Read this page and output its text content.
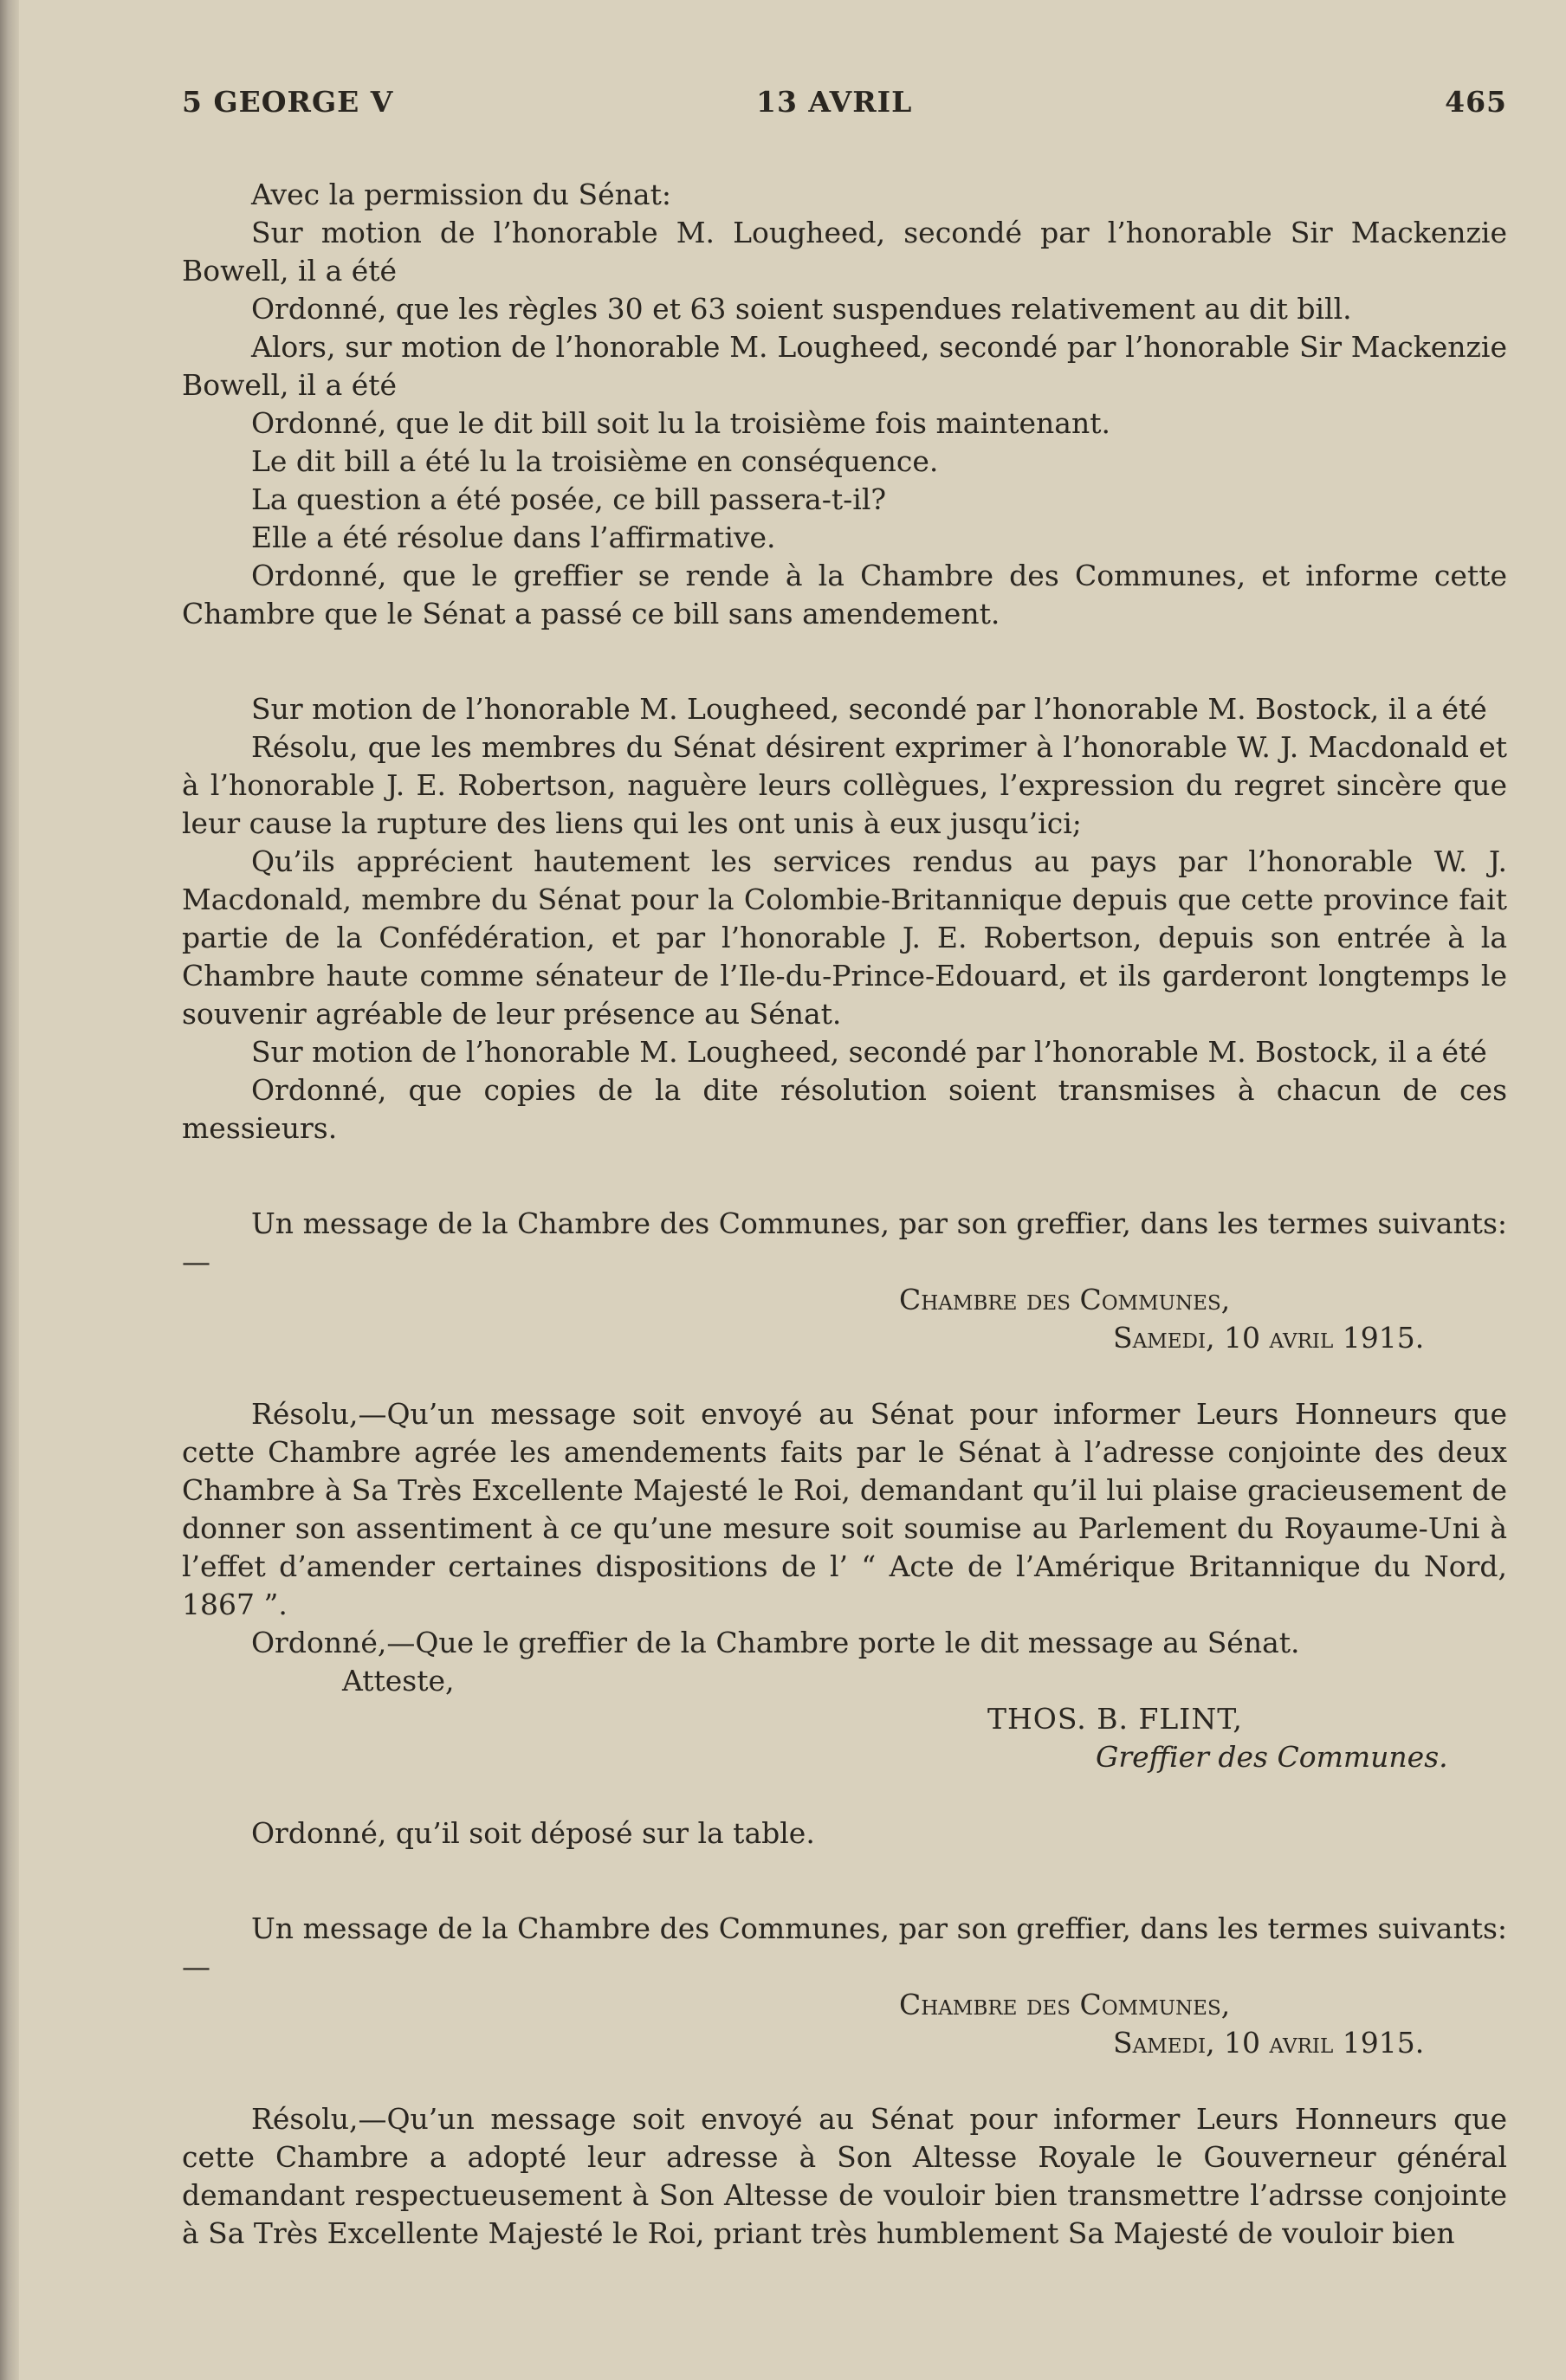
5 GEORGE V	13 AVRIL	465

Avec la permission du Sénat:

Sur motion de l’honorable M. Lougheed, secondé par l’honorable Sir Mackenzie Bowell, il a été

Ordonné, que les règles 30 et 63 soient suspendues relativement au dit bill.

Alors, sur motion de l’honorable M. Lougheed, secondé par l’honorable Sir Mackenzie Bowell, il a été

Ordonné, que le dit bill soit lu la troisième fois maintenant.

Le dit bill a été lu la troisième en conséquence.

La question a été posée, ce bill passera-t-il?

Elle a été résolue dans l’affirmative.

Ordonné, que le greffier se rende à la Chambre des Communes, et informe cette Chambre que le Sénat a passé ce bill sans amendement.

Sur motion de l’honorable M. Lougheed, secondé par l’honorable M. Bostock, il a été

Résolu, que les membres du Sénat désirent exprimer à l’honorable W. J. Macdonald et à l’honorable J. E. Robertson, naguère leurs collègues, l’expression du regret sincère que leur cause la rupture des liens qui les ont unis à eux jusqu’ici;

Qu’ils apprécient hautement les services rendus au pays par l’honorable W. J. Macdonald, membre du Sénat pour la Colombie-Britannique depuis que cette province fait partie de la Confédération, et par l’honorable J. E. Robertson, depuis son entrée à la Chambre haute comme sénateur de l’Ile-du-Prince-Edouard, et ils garderont longtemps le souvenir agréable de leur présence au Sénat.

Sur motion de l’honorable M. Lougheed, secondé par l’honorable M. Bostock, il a été

Ordonné, que copies de la dite résolution soient transmises à chacun de ces messieurs.

Un message de la Chambre des Communes, par son greffier, dans les termes suivants:—

Chambre des Communes,
Samedi, 10 avril 1915.

Résolu,—Qu’un message soit envoyé au Sénat pour informer Leurs Honneurs que cette Chambre agrée les amendements faits par le Sénat à l’adresse conjointe des deux Chambre à Sa Très Excellente Majesté le Roi, demandant qu’il lui plaise gracieusement de donner son assentiment à ce qu’une mesure soit soumise au Parlement du Royaume-Uni à l’effet d’amender certaines dispositions de l’ “ Acte de l’Amérique Britannique du Nord, 1867 ”.

Ordonné,—Que le greffier de la Chambre porte le dit message au Sénat.

Atteste,
THOS. B. FLINT,
Greffier des Communes.

Ordonné, qu’il soit déposé sur la table.

Un message de la Chambre des Communes, par son greffier, dans les termes suivants:—

Chambre des Communes,
Samedi, 10 avril 1915.

Résolu,—Qu’un message soit envoyé au Sénat pour informer Leurs Honneurs que cette Chambre a adopté leur adresse à Son Altesse Royale le Gouverneur général demandant respectueusement à Son Altesse de vouloir bien transmettre l’adrsse conjointe à Sa Très Excellente Majesté le Roi, priant très humblement Sa Majesté de vouloir bien
